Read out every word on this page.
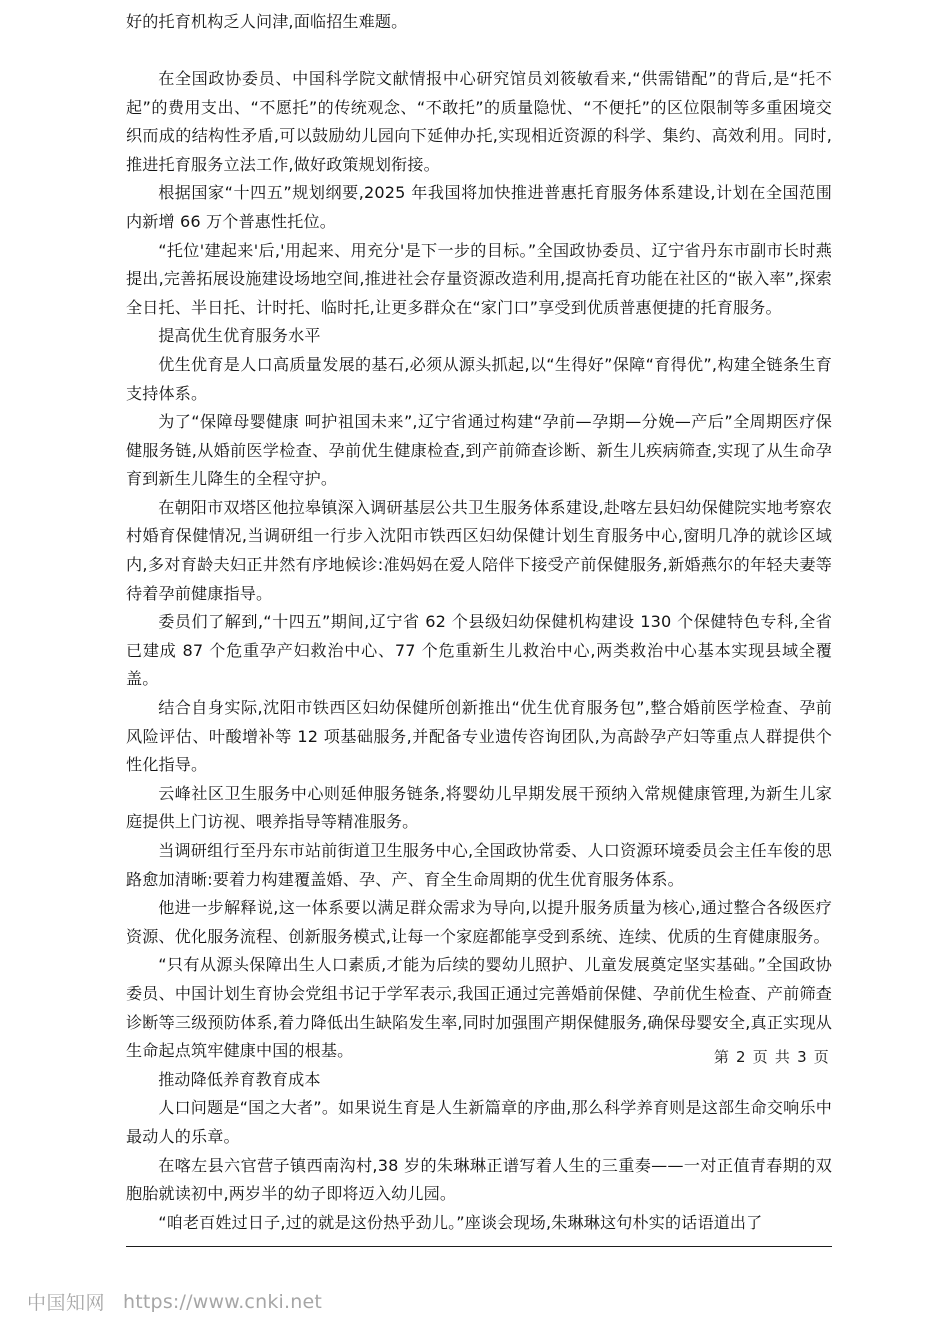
好的托育机构乏人问津,面临招生难题。

在全国政协委员、中国科学院文献情报中心研究馆员刘筱敏看来,“供需错配”的背后,是“托不起”的费用支出、“不愿托”的传统观念、“不敢托”的质量隐忧、“不便托”的区位限制等多重困境交织而成的结构性矛盾,可以鼓励幼儿园向下延伸办托,实现相近资源的科学、集约、高效利用。同时,推进托育服务立法工作,做好政策规划衔接。

根据国家“十四五”规划纲要,2025 年我国将加快推进普惠托育服务体系建设,计划在全国范围内新增 66 万个普惠性托位。

“托位'建起来'后,'用起来、用充分'是下一步的目标。”全国政协委员、辽宁省丹东市副市长时燕提出,完善拓展设施建设场地空间,推进社会存量资源改造利用,提高托育功能在社区的“嵌入率”,探索全日托、半日托、计时托、临时托,让更多群众在“家门口”享受到优质普惠便捷的托育服务。

提高优生优育服务水平

优生优育是人口高质量发展的基石,必须从源头抓起,以“生得好”保障“育得优”,构建全链条生育支持体系。

为了“保障母婴健康 呵护祖国未来”,辽宁省通过构建“孕前—孕期—分娩—产后”全周期医疗保健服务链,从婚前医学检查、孕前优生健康检查,到产前筛查诊断、新生儿疾病筛查,实现了从生命孕育到新生儿降生的全程守护。

在朝阳市双塔区他拉皋镇深入调研基层公共卫生服务体系建设,赴喀左县妇幼保健院实地考察农村婚育保健情况,当调研组一行步入沈阳市铁西区妇幼保健计划生育服务中心,窗明几净的就诊区域内,多对育龄夫妇正井然有序地候诊:准妈妈在爱人陪伴下接受产前保健服务,新婚燕尔的年轻夫妻等待着孕前健康指导。

委员们了解到,“十四五”期间,辽宁省 62 个县级妇幼保健机构建设 130 个保健特色专科,全省已建成 87 个危重孕产妇救治中心、77 个危重新生儿救治中心,两类救治中心基本实现县域全覆盖。

结合自身实际,沈阳市铁西区妇幼保健所创新推出“优生优育服务包”,整合婚前医学检查、孕前风险评估、叶酸增补等 12 项基础服务,并配备专业遗传咨询团队,为高龄孕产妇等重点人群提供个性化指导。

云峰社区卫生服务中心则延伸服务链条,将婴幼儿早期发展干预纳入常规健康管理,为新生儿家庭提供上门访视、喂养指导等精准服务。

当调研组行至丹东市站前街道卫生服务中心,全国政协常委、人口资源环境委员会主任车俊的思路愈加清晰:要着力构建覆盖婚、孕、产、育全生命周期的优生优育服务体系。

他进一步解释说,这一体系要以满足群众需求为导向,以提升服务质量为核心,通过整合各级医疗资源、优化服务流程、创新服务模式,让每一个家庭都能享受到系统、连续、优质的生育健康服务。

“只有从源头保障出生人口素质,才能为后续的婴幼儿照护、儿童发展奠定坚实基础。”全国政协委员、中国计划生育协会党组书记于学军表示,我国正通过完善婚前保健、孕前优生检查、产前筛查诊断等三级预防体系,着力降低出生缺陷发生率,同时加强围产期保健服务,确保母婴安全,真正实现从生命起点筑牢健康中国的根基。

推动降低养育教育成本

人口问题是“国之大者”。如果说生育是人生新篇章的序曲,那么科学养育则是这部生命交响乐中最动人的乐章。

在喀左县六官营子镇西南沟村,38 岁的朱琳琳正谱写着人生的三重奏——一对正值青春期的双胞胎就读初中,两岁半的幼子即将迈入幼儿园。

“咱老百姓过日子,过的就是这份热乎劲儿。”座谈会现场,朱琳琳这句朴实的话语道出了

第 2 页 共 3 页
中国知网 https://www.cnki.net
